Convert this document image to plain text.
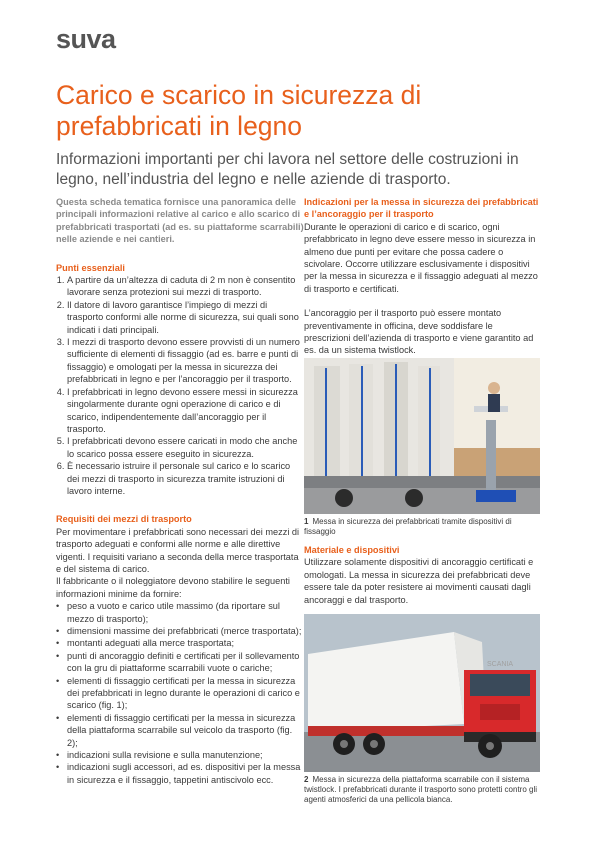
suva
Carico e scarico in sicurezza di prefabbricati in legno

Informazioni importanti per chi lavora nel settore delle costruzioni in legno, nell’industria del legno e nelle aziende di trasporto.

Questa scheda tematica fornisce una panoramica delle principali informazioni relative al carico e allo scarico di prefabbricati trasportati (ad es. su piattaforme scarrabili) nelle aziende e nei cantieri.

Punti essenziali

1. A partire da un’altezza di caduta di 2 m non è consentito lavorare senza protezioni sui mezzi di trasporto.
2. Il datore di lavoro garantisce l’impiego di mezzi di trasporto conformi alle norme di sicurezza, sui quali sono indicati i dati principali.
3. I mezzi di trasporto devono essere provvisti di un numero sufficiente di elementi di fissaggio (ad es. barre e punti di fissaggio) e omologati per la messa in sicurezza dei prefabbricati in legno e per l’ancoraggio per il trasporto.
4. I prefabbricati in legno devono essere messi in sicurezza singolarmente durante ogni operazione di carico e di scarico, indipendentemente dall’ancoraggio per il trasporto.
5. I prefabbricati devono essere caricati in modo che anche lo scarico possa essere eseguito in sicurezza.
6. È necessario istruire il personale sul carico e lo scarico dei mezzi di trasporto in sicurezza tramite istruzioni di lavoro interne.

Requisiti dei mezzi di trasporto

Per movimentare i prefabbricati sono necessari dei mezzi di trasporto adeguati e conformi alle norme e alle direttive vigenti. I requisiti variano a seconda della merce trasportata e del sistema di carico.

Il fabbricante o il noleggiatore devono stabilire le seguenti informazioni minime da fornire:

• peso a vuoto e carico utile massimo (da riportare sul mezzo di trasporto);
• dimensioni massime dei prefabbricati (merce trasportata);
• montanti adeguati alla merce trasportata;
• punti di ancoraggio definiti e certificati per il sollevamento con la gru di piattaforme scarrabili vuote o cariche;
• elementi di fissaggio certificati per la messa in sicurezza dei prefabbricati in legno durante le operazioni di carico e scarico (fig. 1);
• elementi di fissaggio certificati per la messa in sicurezza della piattaforma scarrabile sul veicolo da trasporto (fig. 2);
• indicazioni sulla revisione e sulla manutenzione;
• indicazioni sugli accessori, ad es. dispositivi per la messa in sicurezza e il fissaggio, tappetini antiscivolo ecc.

Indicazioni per la messa in sicurezza dei prefabbricati e l’ancoraggio per il trasporto

Durante le operazioni di carico e di scarico, ogni prefabbricato in legno deve essere messo in sicurezza in almeno due punti per evitare che possa cadere o scivolare. Occorre utilizzare esclusivamente i dispositivi per la messa in sicurezza e il fissaggio adeguati al mezzo di trasporto e certificati.

L’ancoraggio per il trasporto può essere montato preventivamente in officina, deve soddisfare le prescrizioni dell’azienda di trasporto e viene garantito ad es. da un sistema twistlock.

1 Messa in sicurezza dei prefabbricati tramite dispositivi di fissaggio

Materiale e dispositivi

Utilizzare solamente dispositivi di ancoraggio certificati e omologati. La messa in sicurezza dei prefabbricati deve essere tale da poter resistere ai movimenti causati dagli ancoraggi e dal trasporto.

SCANIA
2 Messa in sicurezza della piattaforma scarrabile con il sistema twistlock. I prefabbricati durante il trasporto sono protetti contro gli agenti atmosferici da una pellicola bianca.
